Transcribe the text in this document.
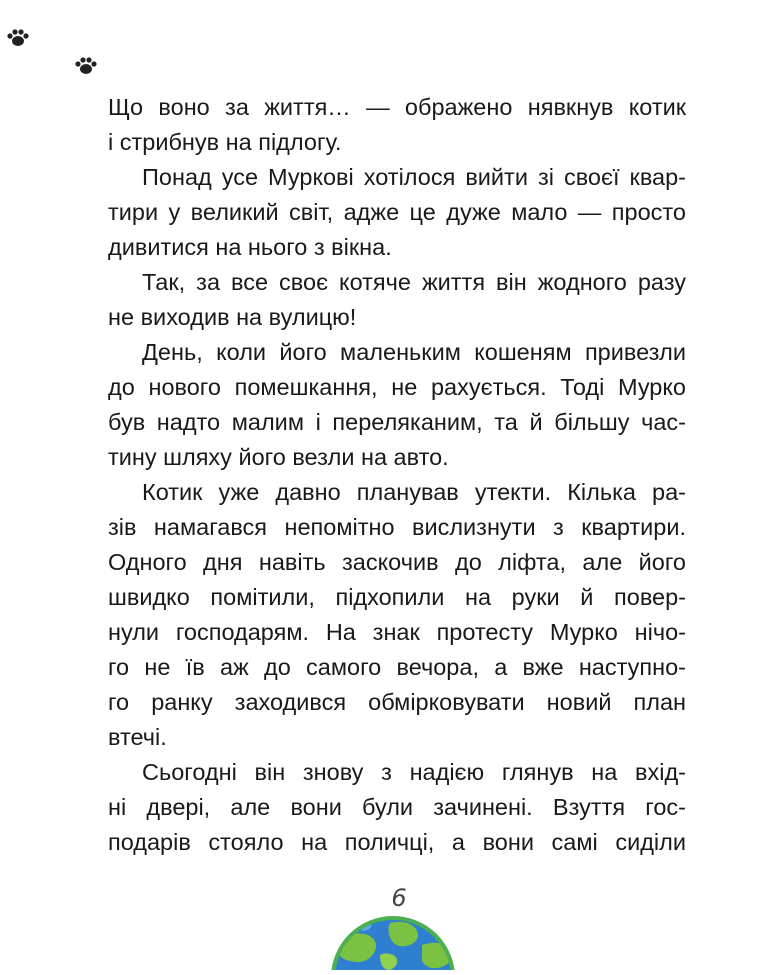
Що воно за життя… — ображено нявкнув котик
і стрибнув на підлогу.
Понад усе Муркові хотілося вийти зі своєї квар-
тири у великий світ, адже це дуже мало — просто
дивитися на нього з вікна.
Так, за все своє котяче життя він жодного разу
не виходив на вулицю!
День, коли його маленьким кошеням привезли
до нового помешкання, не рахується. Тоді Мурко
був надто малим і переляканим, та й більшу час-
тину шляху його везли на авто.
Котик уже давно планував утекти. Кілька ра-
зів намагався непомітно вислизнути з квартири.
Одного дня навіть заскочив до ліфта, але його
швидко помітили, підхопили на руки й повер-
нули господарям. На знак протесту Мурко нічо-
го не їв аж до самого вечора, а вже наступно-
го ранку заходився обмірковувати новий план
втечі.
Сьогодні він знову з надією глянув на вхід-
ні двері, але вони були зачинені. Взуття гос-
подарів стояло на поличці, а вони самі сиділи
6
